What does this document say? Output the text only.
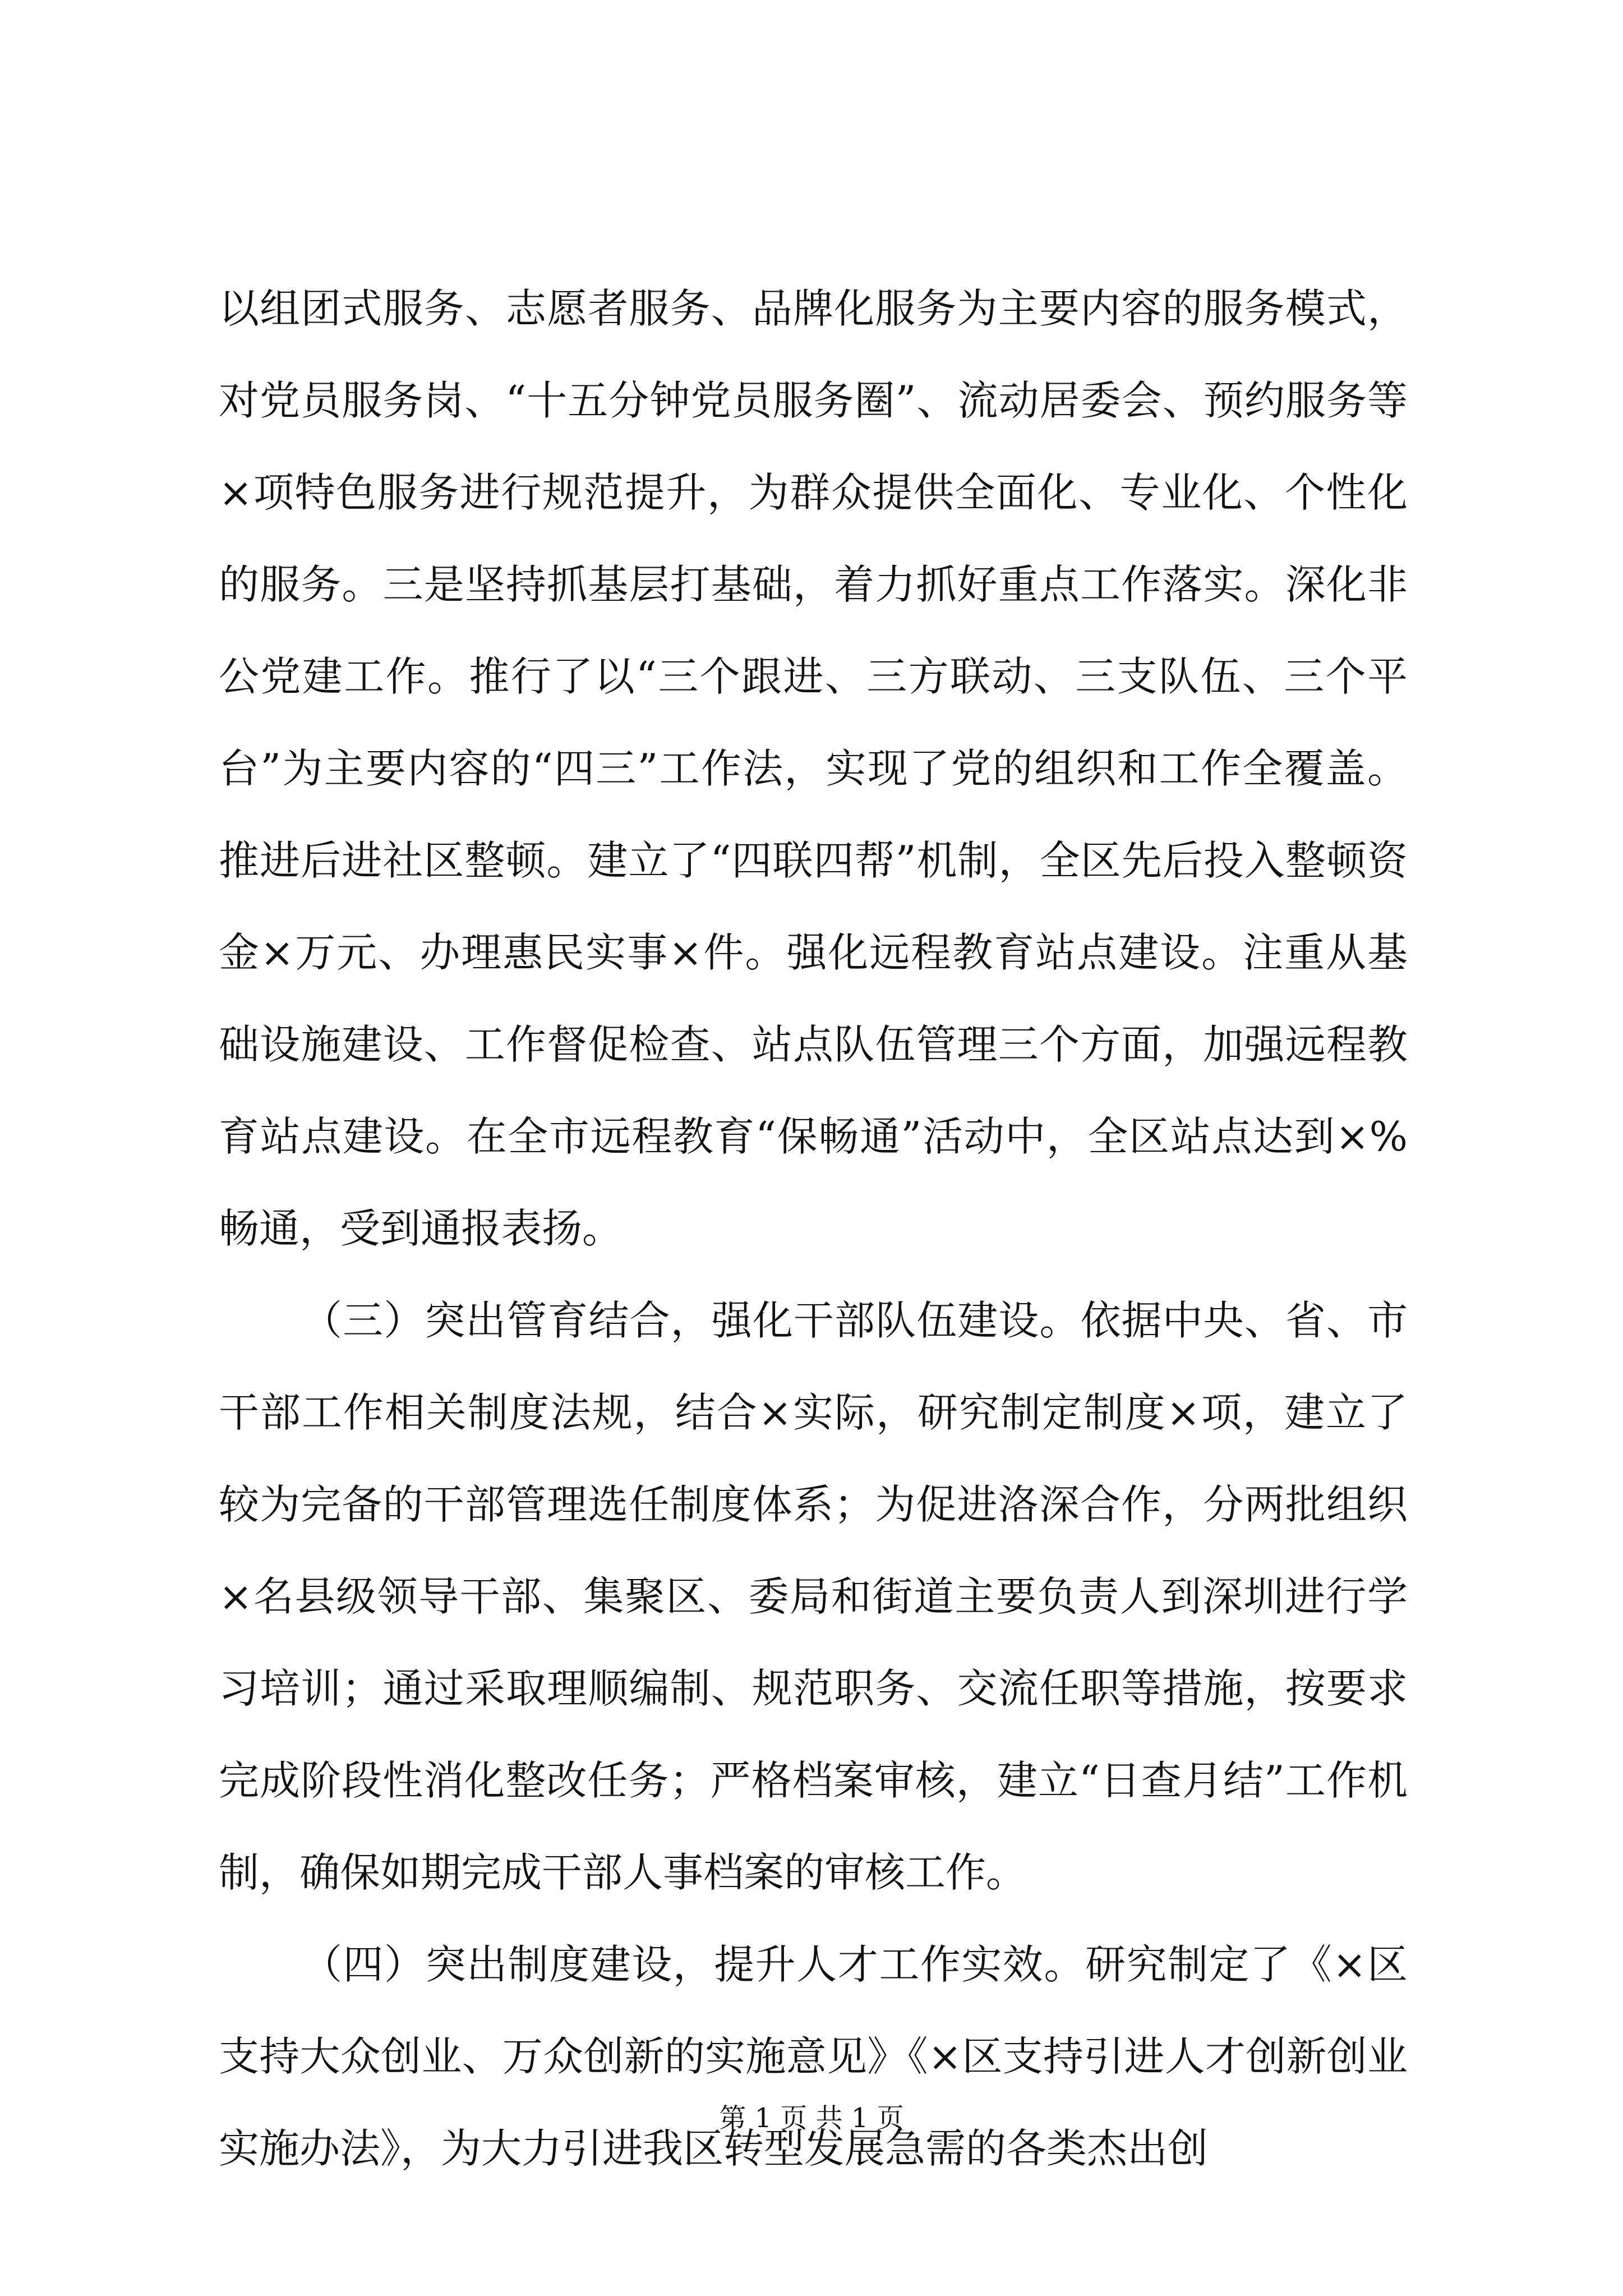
以组团式服务、志愿者服务、品牌化服务为主要内容的服务模式，对党员服务岗、“十五分钟党员服务圈”、流动居委会、预约服务等×项特色服务进行规范提升，为群众提供全面化、专业化、个性化的服务。三是坚持抓基层打基础，着力抓好重点工作落实。深化非公党建工作。推行了以“三个跟进、三方联动、三支队伍、三个平台”为主要内容的“四三”工作法，实现了党的组织和工作全覆盖。推进后进社区整顿。建立了“四联四帮”机制，全区先后投入整顿资金×万元、办理惠民实事×件。强化远程教育站点建设。注重从基础设施建设、工作督促检查、站点队伍管理三个方面，加强远程教育站点建设。在全市远程教育“保畅通”活动中，全区站点达到×%畅通，受到通报表扬。

（三）突出管育结合，强化干部队伍建设。依据中央、省、市干部工作相关制度法规，结合×实际，研究制定制度×项，建立了较为完备的干部管理选任制度体系；为促进洛深合作，分两批组织×名县级领导干部、集聚区、委局和街道主要负责人到深圳进行学习培训；通过采取理顺编制、规范职务、交流任职等措施，按要求完成阶段性消化整改任务；严格档案审核，建立“日查月结”工作机制，确保如期完成干部人事档案的审核工作。

（四）突出制度建设，提升人才工作实效。研究制定了《×区支持大众创业、万众创新的实施意见》《×区支持引进人才创新创业实施办法》，为大力引进我区转型发展急需的各类杰出创

第 1 页 共 1 页
